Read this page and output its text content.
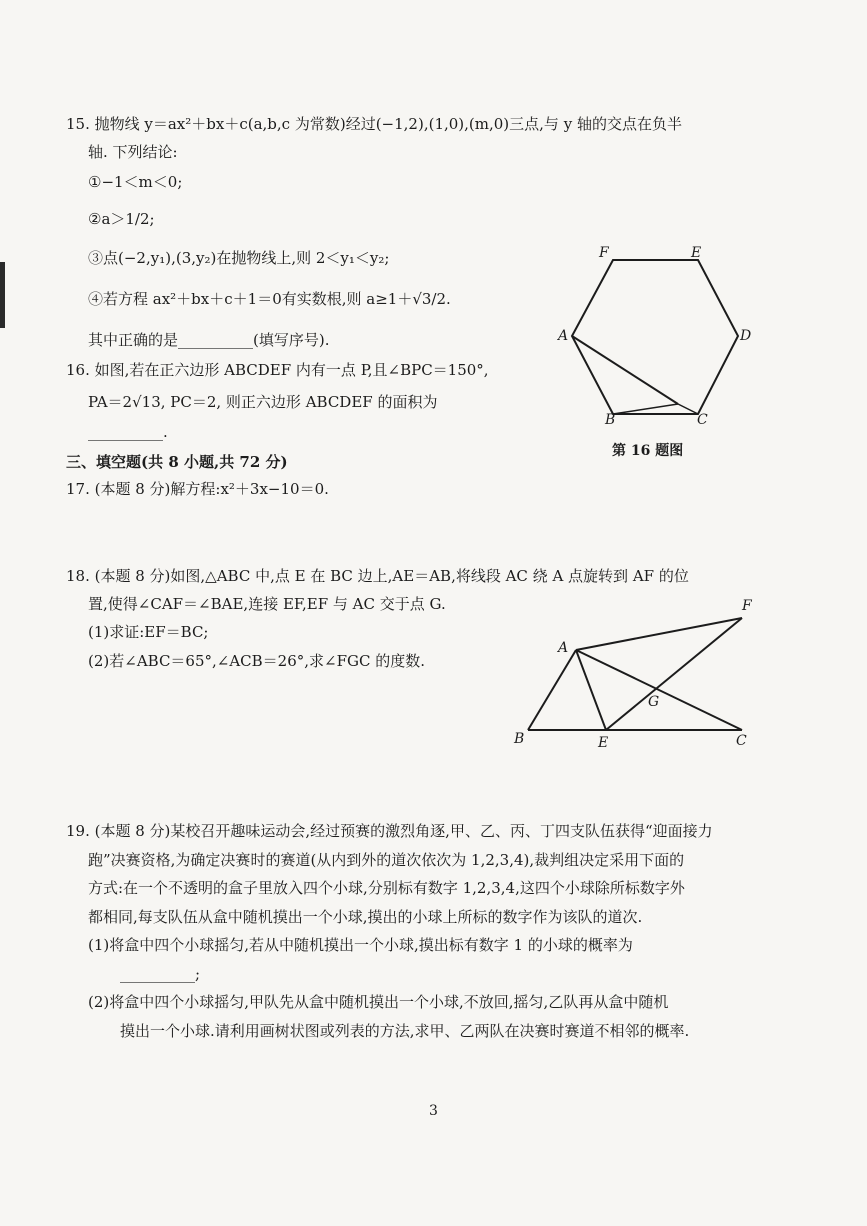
15. 抛物线 y＝ax²＋bx＋c(a,b,c 为常数)经过(−1,2),(1,0),(m,0)三点,与 y 轴的交点在负半
轴. 下列结论:
①−1＜m＜0;
②a＞1/2;
③点(−2,y₁),(3,y₂)在抛物线上,则 2＜y₁＜y₂;
④若方程 ax²＋bx＋c＋1＝0有实数根,则 a≥1＋√3/2.
其中正确的是__________(填写序号).
16. 如图,若在正六边形 ABCDEF 内有一点 P,且∠BPC＝150°,
PA＝2√13, PC＝2, 则正六边形 ABCDEF 的面积为
__________.
F	E
D
A
B	C
第 16 题图
三、填空题(共 8 小题,共 72 分)
17. (本题 8 分)解方程:x²＋3x−10＝0.
18. (本题 8 分)如图,△ABC 中,点 E 在 BC 边上,AE＝AB,将线段 AC 绕 A 点旋转到 AF 的位
置,使得∠CAF＝∠BAE,连接 EF,EF 与 AC 交于点 G.
(1)求证:EF＝BC;
(2)若∠ABC＝65°,∠ACB＝26°,求∠FGC 的度数.
A
B	E	C
F
G
19. (本题 8 分)某校召开趣味运动会,经过预赛的激烈角逐,甲、乙、丙、丁四支队伍获得“迎面接力
跑”决赛资格,为确定决赛时的赛道(从内到外的道次依次为 1,2,3,4),裁判组决定采用下面的
方式:在一个不透明的盒子里放入四个小球,分别标有数字 1,2,3,4,这四个小球除所标数字外
都相同,每支队伍从盒中随机摸出一个小球,摸出的小球上所标的数字作为该队的道次.
(1)将盒中四个小球摇匀,若从中随机摸出一个小球,摸出标有数字 1 的小球的概率为
__________;
(2)将盒中四个小球摇匀,甲队先从盒中随机摸出一个小球,不放回,摇匀,乙队再从盒中随机
摸出一个小球.请利用画树状图或列表的方法,求甲、乙两队在决赛时赛道不相邻的概率.
3
